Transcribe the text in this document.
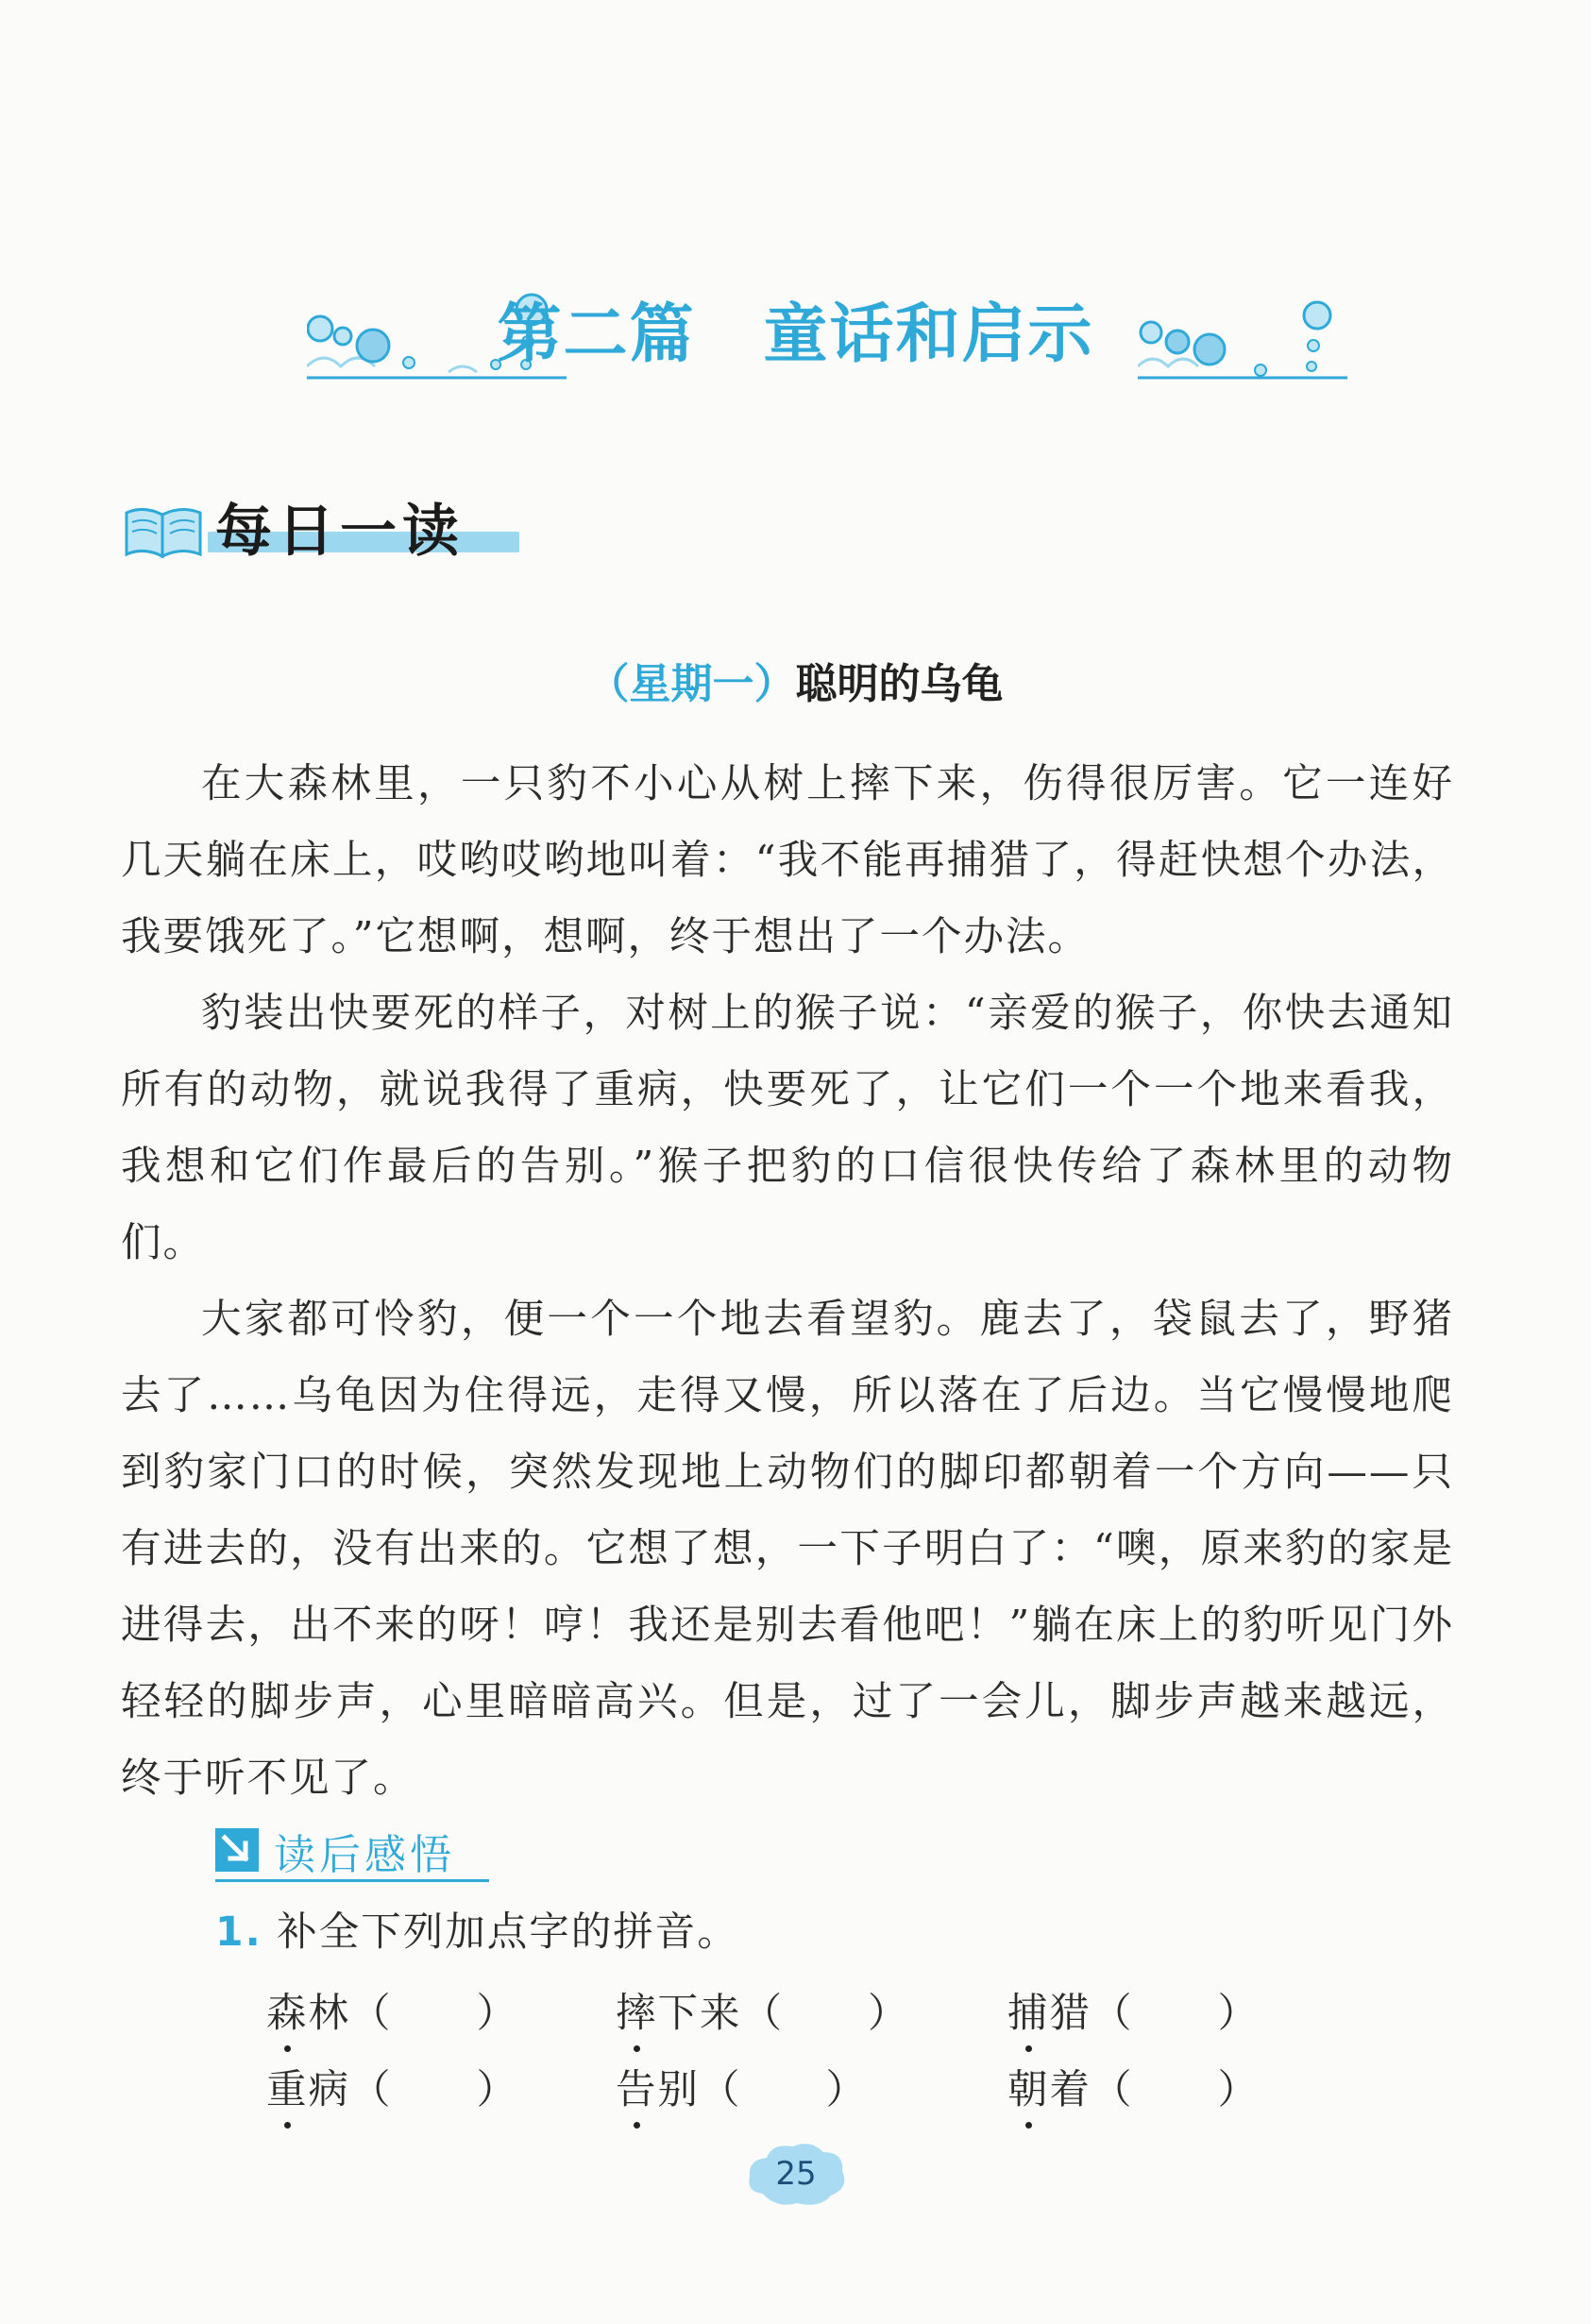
第二篇 童话和启示
每日一读
（星期一）聪明的乌龟

在大森林里，一只豹不小心从树上摔下来，伤得很厉害。它一连好几天躺在床上，哎哟哎哟地叫着：“我不能再捕猎了，得赶快想个办法，我要饿死了。”它想啊，想啊，终于想出了一个办法。

豹装出快要死的样子，对树上的猴子说：“亲爱的猴子，你快去通知所有的动物，就说我得了重病，快要死了，让它们一个一个地来看我，我想和它们作最后的告别。”猴子把豹的口信很快传给了森林里的动物们。

大家都可怜豹，便一个一个地去看望豹。鹿去了，袋鼠去了，野猪去了……乌龟因为住得远，走得又慢，所以落在了后边。当它慢慢地爬到豹家门口的时候，突然发现地上动物们的脚印都朝着一个方向——只有进去的，没有出来的。它想了想，一下子明白了：“噢，原来豹的家是进得去，出不来的呀！哼！我还是别去看他吧！”躺在床上的豹听见门外轻轻的脚步声，心里暗暗高兴。但是，过了一会儿，脚步声越来越远，终于听不见了。

读后感悟
1. 补全下列加点字的拼音。
森林（　　） 摔下来（　　） 捕猎（　　）
重病（　　） 告别（　　）	朝着（　　）
25
